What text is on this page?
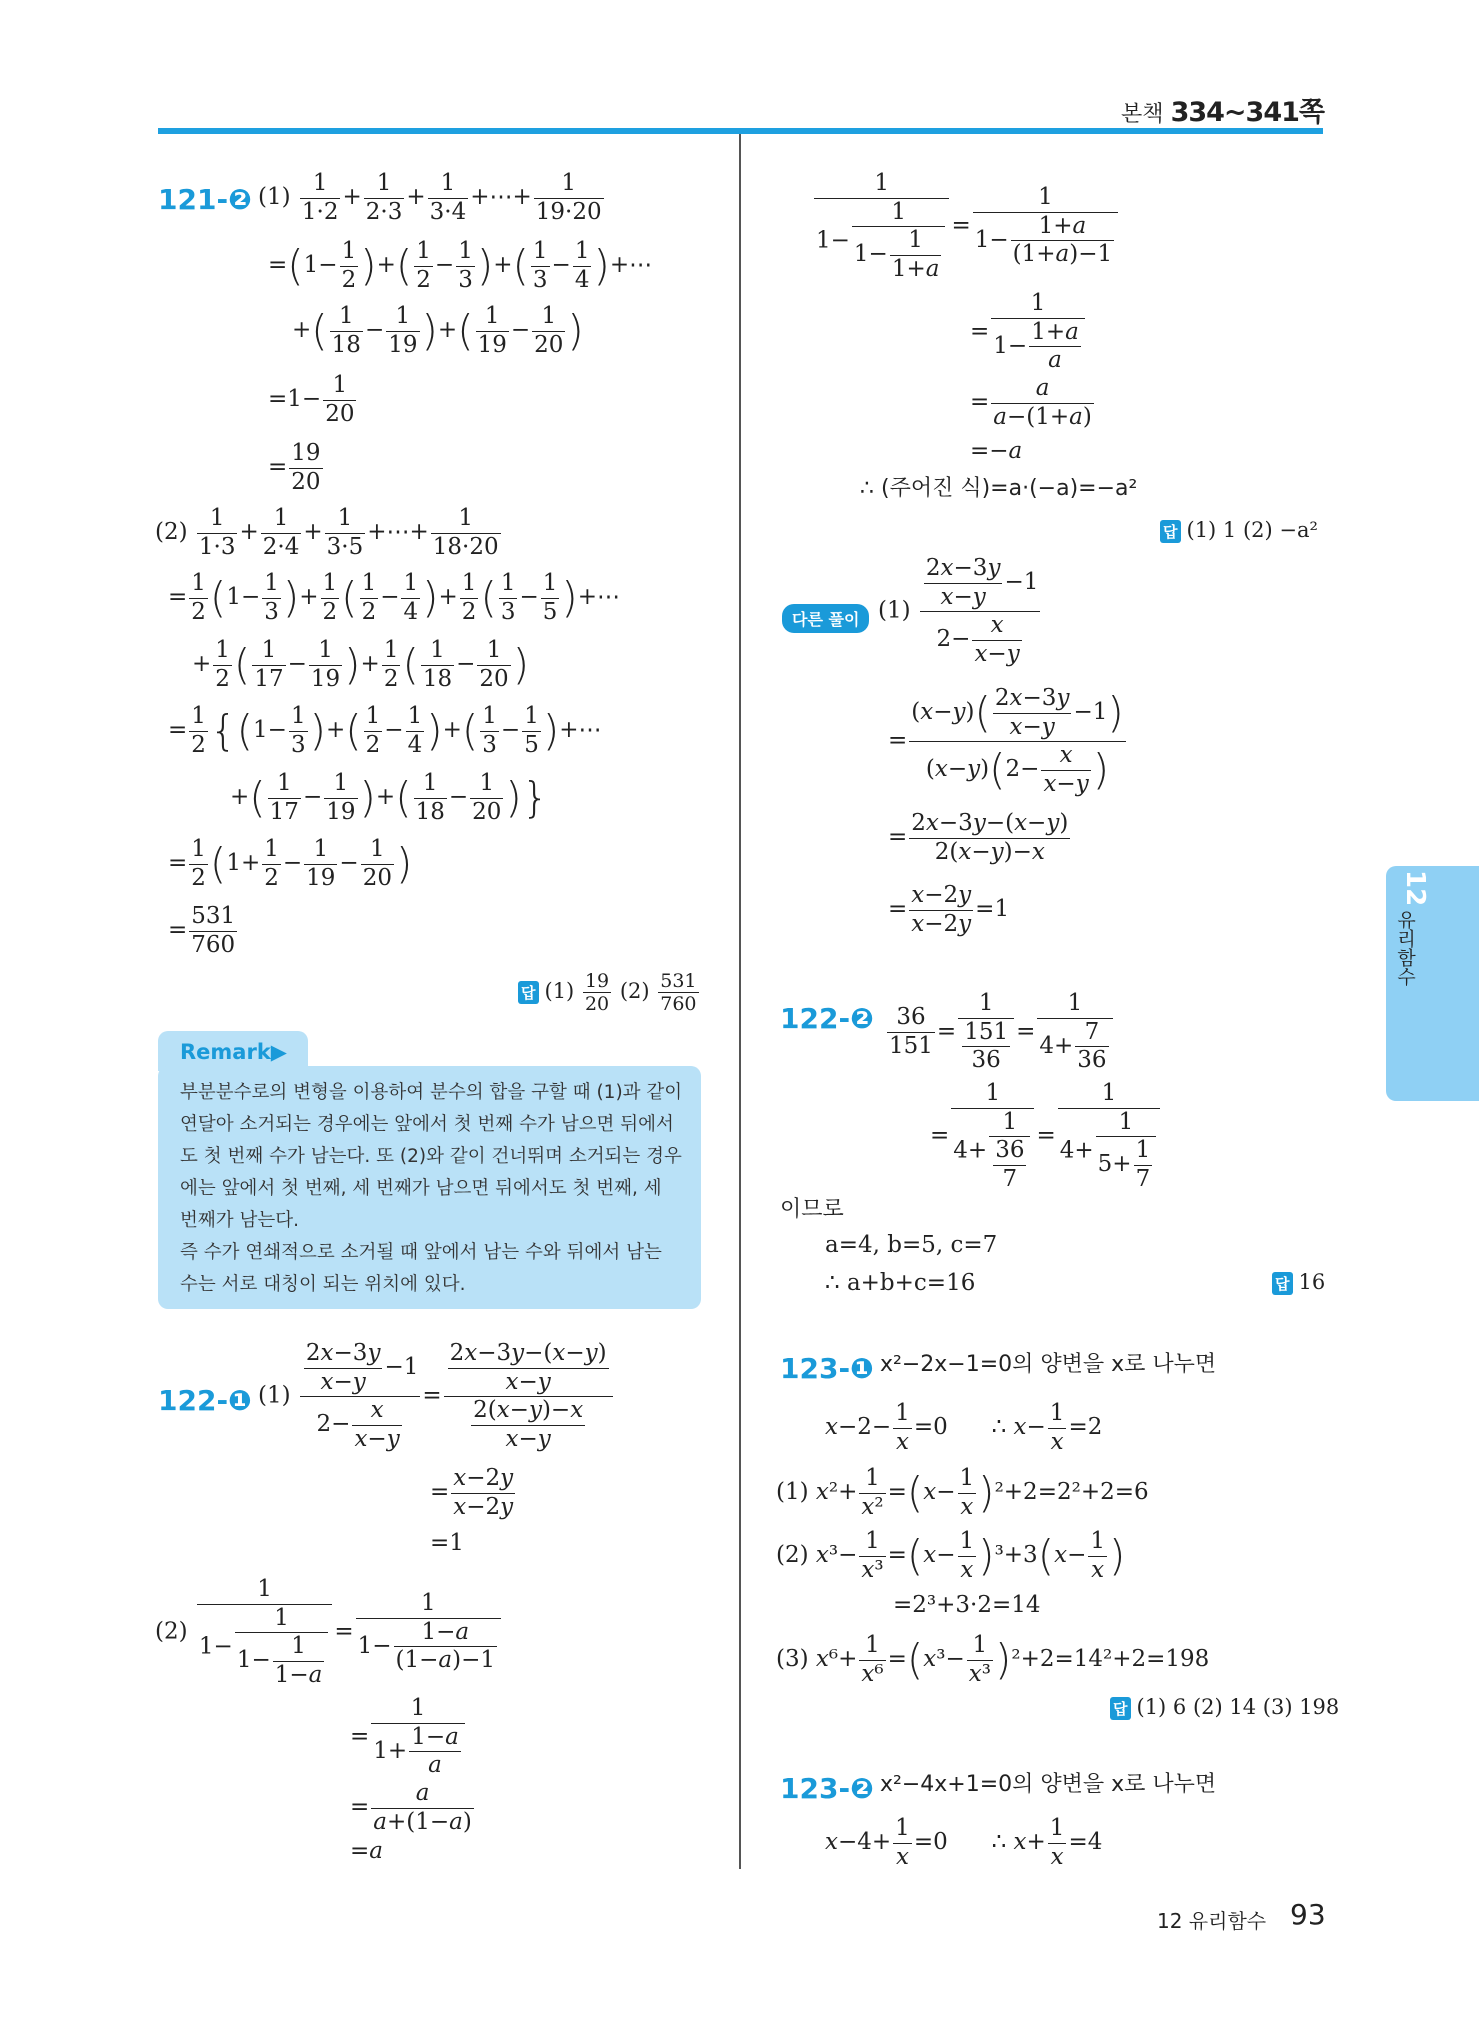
본책 334~341쪽
12
유리함수
121-❷ $(1) \frac{1}{1\cdot 2} + \frac{1}{2\cdot 3} + \frac{1}{3\cdot 4}$ +⋯+ $\frac{1}{19\cdot 20}$
$=(1- \frac{1}{2}$ )+( $\frac{1}{2} - \frac{1}{3}$ )+( $\frac{1}{3} - \frac{1}{4}$ )+⋯
+( $\frac{1}{18} - \frac{1}{19}$ )+( $\frac{1}{19} - \frac{1}{20}$ )
$=1- \frac{1}{20}$
= $\frac{19}{20}$
$(2) \frac{1}{1\cdot 3} + \frac{1}{2\cdot 4} + \frac{1}{3\cdot 5}$ +⋯+ $\frac{1}{18\cdot 20}$
= $\frac{1}{2} (1- \frac{1}{3}$ )+ $\frac{1}{2}$ ( $\frac{1}{2} - \frac{1}{4}$ )+ $\frac{1}{2}$ ( $\frac{1}{3} - \frac{1}{5}$ )+⋯
+ $\frac{1}{2}$ ( $\frac{1}{17} - \frac{1}{19}$ )+ $\frac{1}{2}$ ( $\frac{1}{18} - \frac{1}{20}$ )
= $\frac{1}{2} \{(1- \frac{1}{3}$ )+( $\frac{1}{2} - \frac{1}{4}$ )+( $\frac{1}{3} - \frac{1}{5}$ )+⋯
+( $\frac{1}{17} - \frac{1}{19}$ )+( $\frac{1}{18} - \frac{1}{20}$ )}
= $\frac{1}{2} (1+ \frac{1}{2} - \frac{1}{19} - \frac{1}{20}$ )
= $\frac{531}{760}$
답 $(1) \frac{19}{20} (2) \frac{531}{760}$
Remark▶
부분분수로의 변형을 이용하여 분수의 합을 구할 때 (1)과 같이 연달아 소거되는 경우에는 앞에서 첫 번째 수가 남으면 뒤에서도 첫 번째 수가 남는다. 또 (2)와 같이 건너뛰며 소거되는 경우에는 앞에서 첫 번째, 세 번째가 남으면 뒤에서도 첫 번째, 세 번째가 남는다.
즉 수가 연쇄적으로 소거될 때 앞에서 남는 수와 뒤에서 남는 수는 서로 대칭이 되는 위치에 있다.
122-❶ $(1) \frac{\frac{2x-3y}{x-y} -1}{2- \frac{x}{x-y}} = \frac{\frac{2x-3y-(x-y)}{x-y}}{\frac{2(x-y)-x}{x-y}}$
= $\frac{x-2y}{x-2y}$
=1
$(2) \frac{1}{1- \frac{1}{1- \frac{1}{1-a}}} = \frac{1}{1- \frac{1-a}{(1-a)-1}}$
= $\frac{1}{1+ \frac{1-a}{a}}$
= $\frac{a}{a+(1-a)}$
=a
$\frac{1}{1- \frac{1}{1- \frac{1}{1+a}}} = \frac{1}{1- \frac{1+a}{(1+a)-1}}$
= $\frac{1}{1- \frac{1+a}{a}}$
= $\frac{a}{a-(1+a)}$
=−a
∴ (주어진 식)=a·(−a)=−a²
답 (1) 1 (2) −a²
다른 풀이 $(1) \frac{\frac{2x-3y}{x-y} -1}{2- \frac{x}{x-y}}$
= $\frac{(x-y)( \frac{2x-3y}{x-y} -1)}{(x-y)(2- \frac{x}{x-y} )}$
= $\frac{2x-3y-(x-y)}{2(x-y)-x}$
= $\frac{x-2y}{x-2y} =1$
122-❷ $\frac{36}{151} = \frac{1}{\frac{151}{36}} = \frac{1}{4+ \frac{7}{36}}$
= $\frac{1}{4+ \frac{1}{\frac{36}{7}}} = \frac{1}{4+ \frac{1}{5+ \frac{1}{7}}}$
이므로
a=4, b=5, c=7
∴ a+b+c=16	답 16
123-❶ x²−2x−1=0의 양변을 x로 나누면
$x-2- \frac{1}{x} =0$      ∴ $x- \frac{1}{x} =2$
(1) $x^2+ \frac{1}{\text{x²}} =(x- \frac{1}{x} )^2+2=2^2+2=6$
(2) $x^3- \frac{1}{\text{x³}} =(x- \frac{1}{x} )^3+3(x- \frac{1}{x}$ )
=2³+3·2=14
(3) $x^6+ \frac{1}{\text{x⁶}} =(x^3- \frac{1}{\text{x³}} )^2+2=14^2+2=198$
답 (1) 6 (2) 14 (3) 198
123-❷ x²−4x+1=0의 양변을 x로 나누면
$x-4+ \frac{1}{x} =0$      ∴ $x+ \frac{1}{x} =4$
12 유리함수 93
